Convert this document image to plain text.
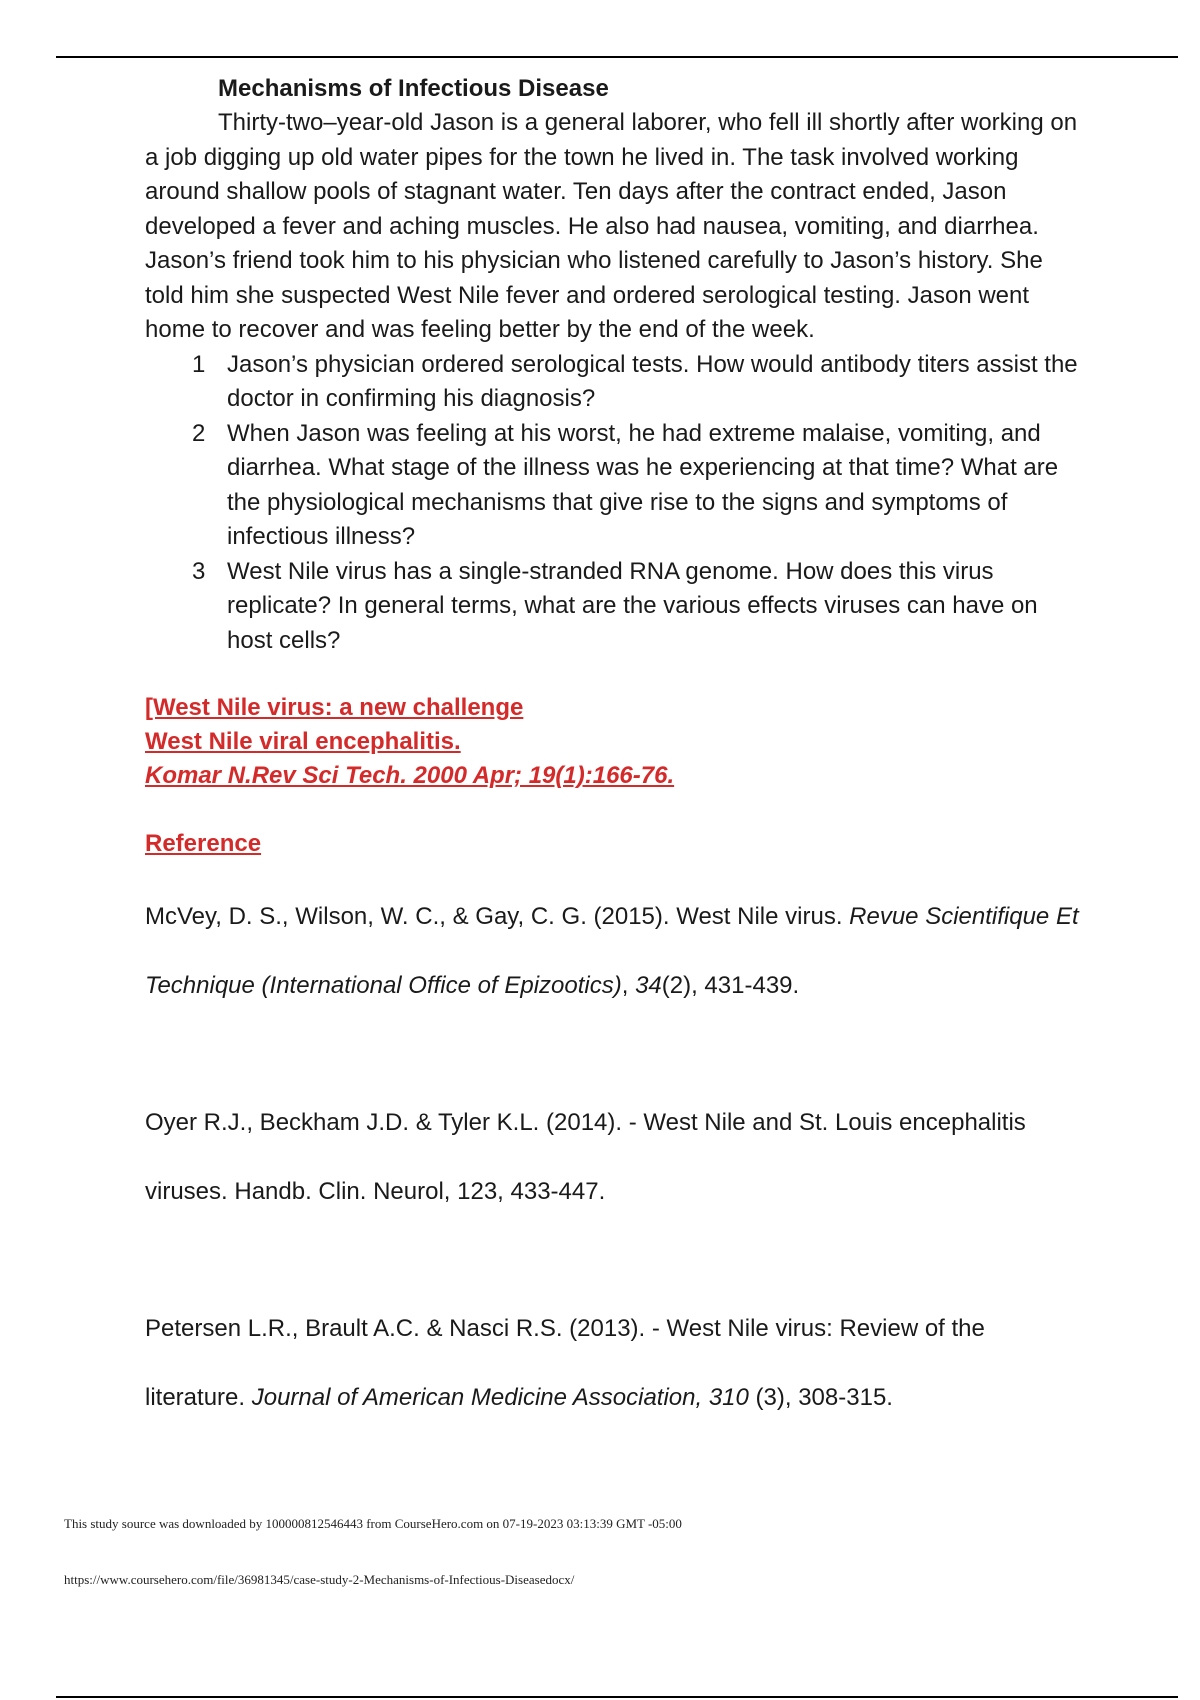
Mechanisms of Infectious Disease

Thirty-two–year-old Jason is a general laborer, who fell ill shortly after working on a job digging up old water pipes for the town he lived in. The task involved working around shallow pools of stagnant water. Ten days after the contract ended, Jason developed a fever and aching muscles. He also had nausea, vomiting, and diarrhea. Jason’s friend took him to his physician who listened carefully to Jason’s history. She told him she suspected West Nile fever and ordered serological testing. Jason went home to recover and was feeling better by the end of the week.

1 Jason’s physician ordered serological tests. How would antibody titers assist the doctor in confirming his diagnosis?
2 When Jason was feeling at his worst, he had extreme malaise, vomiting, and diarrhea. What stage of the illness was he experiencing at that time? What are the physiological mechanisms that give rise to the signs and symptoms of infectious illness?
3 West Nile virus has a single-stranded RNA genome. How does this virus replicate? In general terms, what are the various effects viruses can have on host cells?
[West Nile virus: a new challenge
West Nile viral encephalitis.
Komar N.Rev Sci Tech. 2000 Apr; 19(1):166-76.
Reference

McVey, D. S., Wilson, W. C., & Gay, C. G. (2015). West Nile virus. Revue Scientifique Et Technique (International Office of Epizootics), 34(2), 431-439.

Oyer R.J., Beckham J.D. & Tyler K.L. (2014). - West Nile and St. Louis encephalitis viruses. Handb. Clin. Neurol, 123, 433-447.

Petersen L.R., Brault A.C. & Nasci R.S. (2013). - West Nile virus: Review of the literature. Journal of American Medicine Association, 310 (3), 308-315.

This study source was downloaded by 100000812546443 from CourseHero.com on 07-19-2023 03:13:39 GMT -05:00
https://www.coursehero.com/file/36981345/case-study-2-Mechanisms-of-Infectious-Diseasedocx/
